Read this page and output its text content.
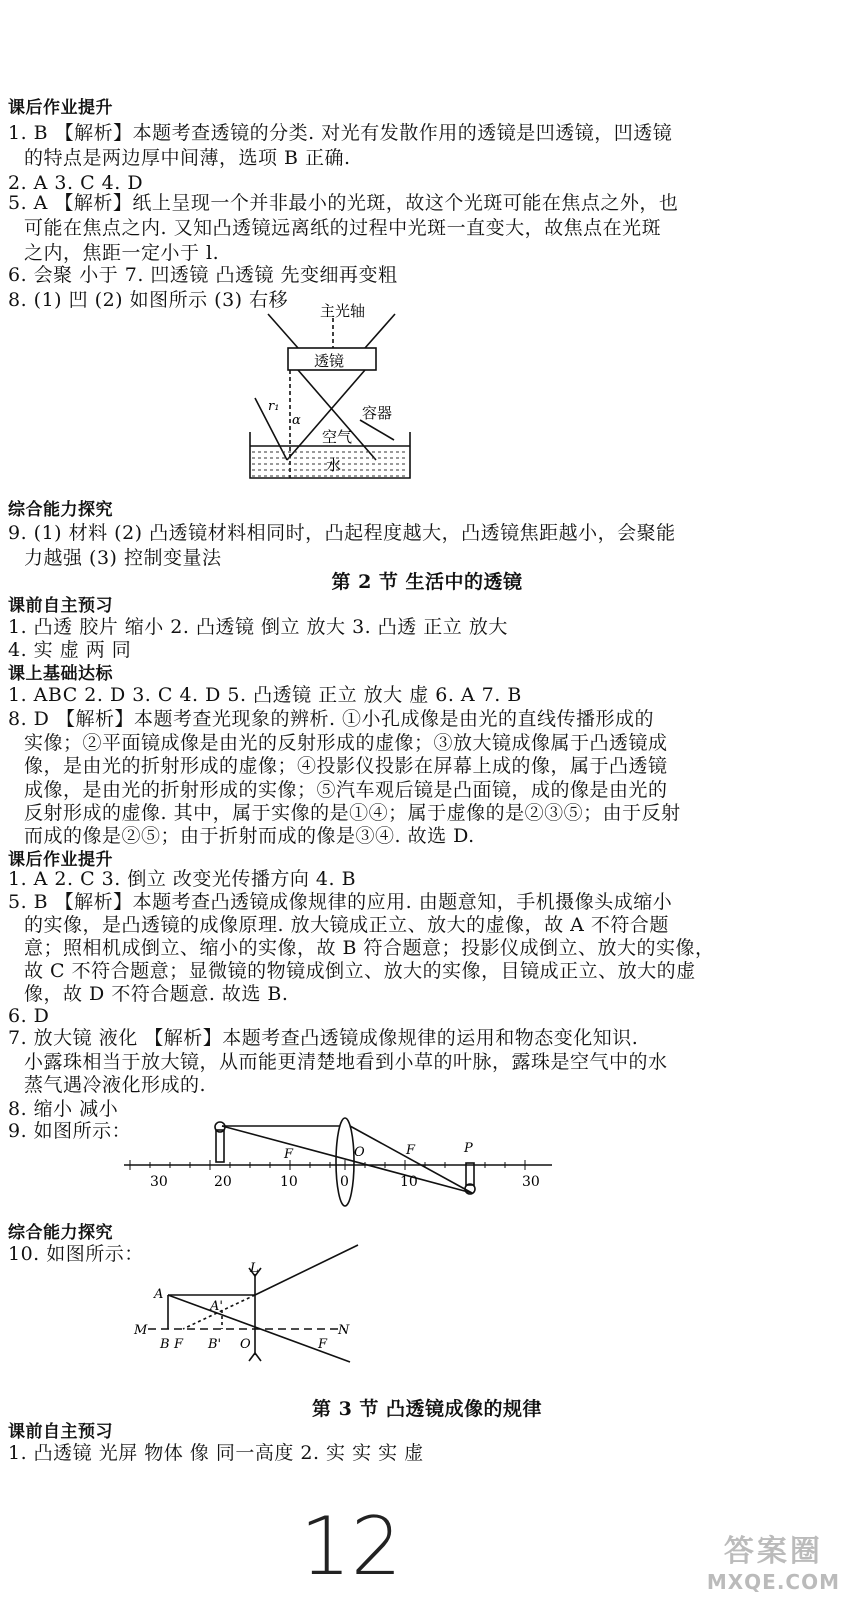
课后作业提升
1. B 【解析】本题考查透镜的分类. 对光有发散作用的透镜是凹透镜，凹透镜
的特点是两边厚中间薄，选项 B 正确.
2. A 3. C 4. D
5. A 【解析】纸上呈现一个并非最小的光斑，故这个光斑可能在焦点之外，也
可能在焦点之内. 又知凸透镜远离纸的过程中光斑一直变大，故焦点在光斑
之内，焦距一定小于 l.
6. 会聚 小于 7. 凹透镜 凸透镜 先变细再变粗
8. (1) 凹 (2) 如图所示 (3) 右移
综合能力探究
9. (1) 材料 (2) 凸透镜材料相同时，凸起程度越大，凸透镜焦距越小，会聚能
力越强 (3) 控制变量法
第 2 节 生活中的透镜
课前自主预习
1. 凸透 胶片 缩小 2. 凸透镜 倒立 放大 3. 凸透 正立 放大
4. 实 虚 两 同
课上基础达标
1. ABC 2. D 3. C 4. D 5. 凸透镜 正立 放大 虚 6. A 7. B
8. D 【解析】本题考查光现象的辨析. ①小孔成像是由光的直线传播形成的
实像；②平面镜成像是由光的反射形成的虚像；③放大镜成像属于凸透镜成
像，是由光的折射形成的虚像；④投影仪投影在屏幕上成的像，属于凸透镜
成像，是由光的折射形成的实像；⑤汽车观后镜是凸面镜，成的像是由光的
反射形成的虚像. 其中，属于实像的是①④；属于虚像的是②③⑤；由于反射
而成的像是②⑤；由于折射而成的像是③④. 故选 D.
课后作业提升
1. A 2. C 3. 倒立 改变光传播方向 4. B
5. B 【解析】本题考查凸透镜成像规律的应用. 由题意知，手机摄像头成缩小
的实像，是凸透镜的成像原理. 放大镜成正立、放大的虚像，故 A 不符合题
意；照相机成倒立、缩小的实像，故 B 符合题意；投影仪成倒立、放大的实像，
故 C 不符合题意；显微镜的物镜成倒立、放大的实像，目镜成正立、放大的虚
像，故 D 不符合题意. 故选 B.
6. D
7. 放大镜 液化 【解析】本题考查凸透镜成像规律的运用和物态变化知识.
小露珠相当于放大镜，从而能更清楚地看到小草的叶脉，露珠是空气中的水
蒸气遇冷液化形成的.
8. 缩小 减小
9. 如图所示：
综合能力探究
10. 如图所示：
第 3 节 凸透镜成像的规律
课前自主预习
1. 凸透镜 光屏 物体 像 同一高度 2. 实 实 实 虚
主光轴
透镜
容器
空气
水
r₁
α
30	20	10	0	10	30
F	O	F	P
L
A
A'
M
B F B' O	F
N
12	答案圈
MXQE.COM
